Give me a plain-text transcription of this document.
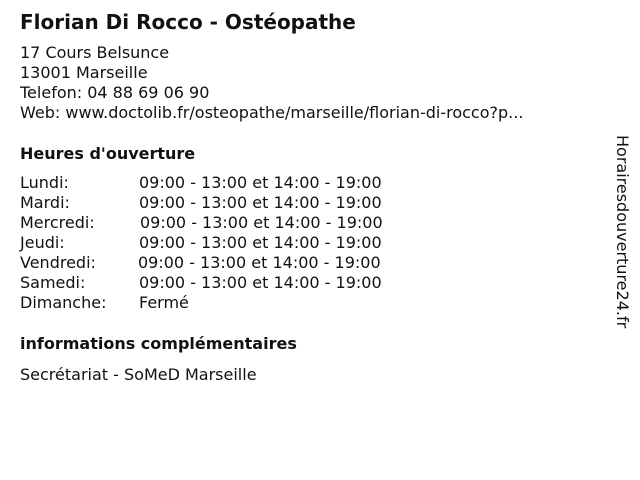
Florian Di Rocco - Ostéopathe
17 Cours Belsunce
13001 Marseille
Telefon: 04 88 69 06 90
Web: www.doctolib.fr/osteopathe/marseille/florian-di-rocco?p...
Heures d'ouverture
Lundi:	09:00 - 13:00 et 14:00 - 19:00
Mardi:	09:00 - 13:00 et 14:00 - 19:00
Mercredi:	09:00 - 13:00 et 14:00 - 19:00
Jeudi:	09:00 - 13:00 et 14:00 - 19:00
Vendredi:	09:00 - 13:00 et 14:00 - 19:00
Samedi:	09:00 - 13:00 et 14:00 - 19:00
Dimanche: Fermé
informations complémentaires
Secrétariat - SoMeD Marseille
Horairesdouverture24.fr
